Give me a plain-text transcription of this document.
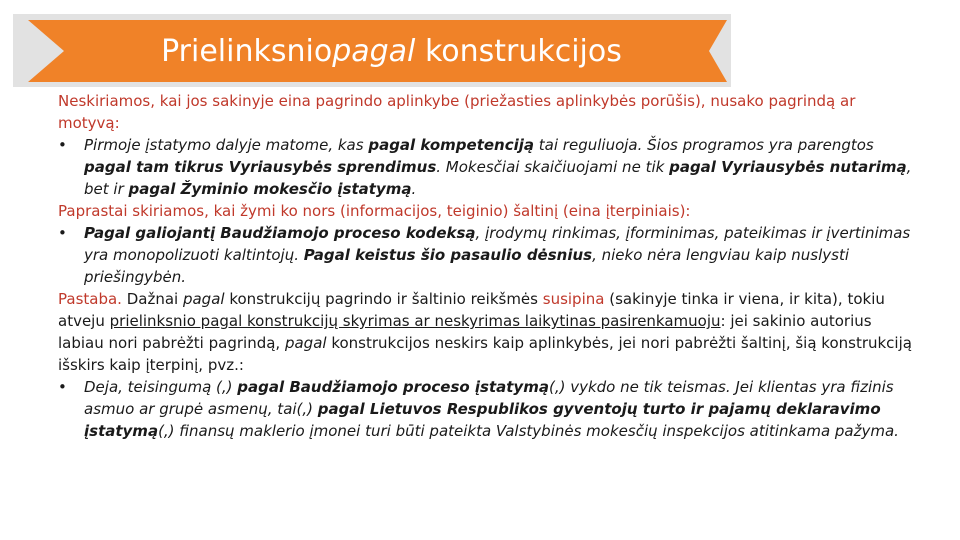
Prielinksnio pagal konstrukcijos

Neskiriamos, kai jos sakinyje eina pagrindo aplinkybe (priežasties aplinkybės porūšis), nusako pagrindą ar motyvą:

• Pirmoje įstatymo dalyje matome, kas pagal kompetenciją tai reguliuoja. Šios programos yra parengtos pagal tam tikrus Vyriausybės sprendimus. Mokesčiai skaičiuojami ne tik pagal Vyriausybės nutarimą, bet ir pagal Žyminio mokesčio įstatymą.

Paprastai skiriamos, kai žymi ko nors (informacijos, teiginio) šaltinį (eina įterpiniais):

• Pagal galiojantį Baudžiamojo proceso kodeksą, įrodymų rinkimas, įforminimas, pateikimas ir įvertinimas yra monopolizuoti kaltintojų. Pagal keistus šio pasaulio dėsnius, nieko nėra lengviau kaip nuslysti priešingybėn.

Pastaba. Dažnai pagal konstrukcijų pagrindo ir šaltinio reikšmės susipina (sakinyje tinka ir viena, ir kita), tokiu atveju prielinksnio pagal konstrukcijų skyrimas ar neskyrimas laikytinas pasirenkamuoju: jei sakinio autorius labiau nori pabrėžti pagrindą, pagal konstrukcijos neskirs kaip aplinkybės, jei nori pabrėžti šaltinį, šią konstrukciją išskirs kaip įterpinį, pvz.:

• Deja, teisingumą (,) pagal Baudžiamojo proceso įstatymą(,) vykdo ne tik teismas. Jei klientas yra fizinis asmuo ar grupė asmenų, tai(,) pagal Lietuvos Respublikos gyventojų turto ir pajamų deklaravimo įstatymą(,) finansų maklerio įmonei turi būti pateikta Valstybinės mokesčių inspekcijos atitinkama pažyma.
